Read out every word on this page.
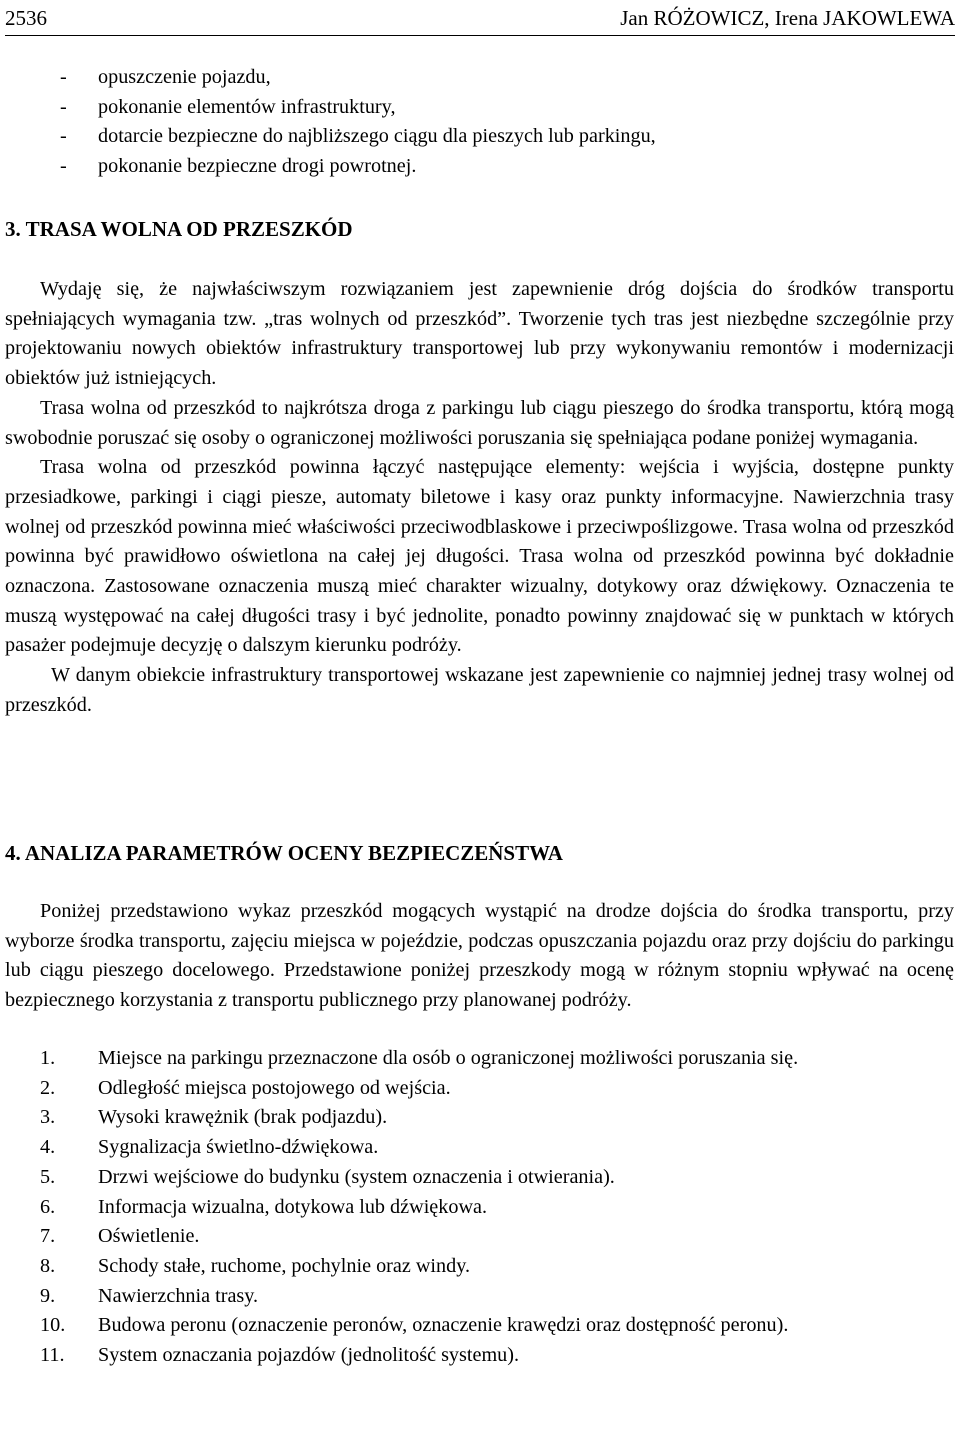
2536	Jan RÓŻOWICZ, Irena JAKOWLEWA
-	opuszczenie pojazdu,
-	pokonanie elementów infrastruktury,
-	dotarcie bezpieczne do najbliższego ciągu dla pieszych lub parkingu,
-	pokonanie bezpieczne drogi powrotnej.
3. TRASA WOLNA OD PRZESZKÓD

Wydaję się, że najwłaściwszym rozwiązaniem jest zapewnienie dróg dojścia do środków transportu spełniających wymagania tzw. „tras wolnych od przeszkód”. Tworzenie tych tras jest niezbędne szczególnie przy projektowaniu nowych obiektów infrastruktury transportowej lub przy wykonywaniu remontów i modernizacji obiektów już istniejących.

Trasa wolna od przeszkód to najkrótsza droga z parkingu lub ciągu pieszego do środka transportu, którą mogą swobodnie poruszać się osoby o ograniczonej możliwości poruszania się spełniająca podane poniżej wymagania.

Trasa wolna od przeszkód powinna łączyć następujące elementy: wejścia i wyjścia, dostępne punkty przesiadkowe, parkingi i ciągi piesze, automaty biletowe i kasy oraz punkty informacyjne. Nawierzchnia trasy wolnej od przeszkód powinna mieć właściwości przeciwodblaskowe i przeciwpoślizgowe. Trasa wolna od przeszkód powinna być prawidłowo oświetlona na całej jej długości. Trasa wolna od przeszkód powinna być dokładnie oznaczona. Zastosowane oznaczenia muszą mieć charakter wizualny, dotykowy oraz dźwiękowy. Oznaczenia te muszą występować na całej długości trasy i być jednolite, ponadto powinny znajdować się w punktach w których pasażer podejmuje decyzję o dalszym kierunku podróży.

W danym obiekcie infrastruktury transportowej wskazane jest zapewnienie co najmniej jednej trasy wolnej od przeszkód.

4. ANALIZA PARAMETRÓW OCENY BEZPIECZEŃSTWA

Poniżej przedstawiono wykaz przeszkód mogących wystąpić na drodze dojścia do środka transportu, przy wyborze środka transportu, zajęciu miejsca w pojeździe, podczas opuszczania pojazdu oraz przy dojściu do parkingu lub ciągu pieszego docelowego. Przedstawione poniżej przeszkody mogą w różnym stopniu wpływać na ocenę bezpiecznego korzystania z transportu publicznego przy planowanej podróży.

1.	Miejsce na parkingu przeznaczone dla osób o ograniczonej możliwości poruszania się.
2.	Odległość miejsca postojowego od wejścia.
3.	Wysoki krawężnik (brak podjazdu).
4.	Sygnalizacja świetlno-dźwiękowa.
5.	Drzwi wejściowe do budynku (system oznaczenia i otwierania).
6.	Informacja wizualna, dotykowa lub dźwiękowa.
7.	Oświetlenie.
8.	Schody stałe, ruchome, pochylnie oraz windy.
9.	Nawierzchnia trasy.
10.	Budowa peronu (oznaczenie peronów, oznaczenie krawędzi oraz dostępność peronu).
11.	System oznaczania pojazdów (jednolitość systemu).
